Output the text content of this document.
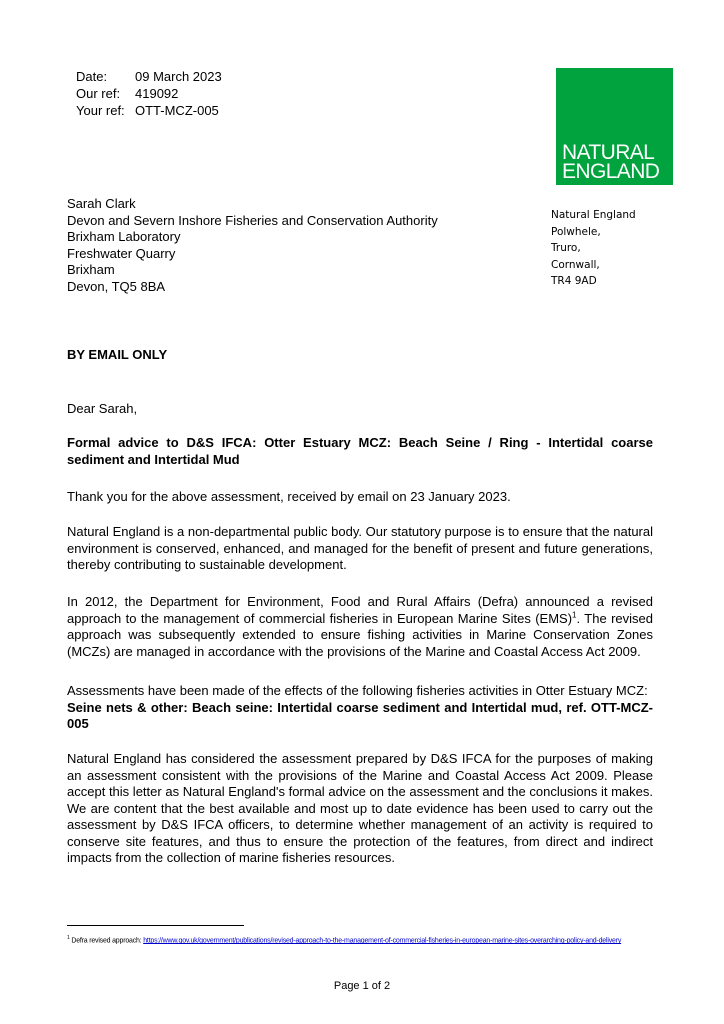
Date:	09 March 2023
Our ref:	419092
Your ref: OTT-MCZ-005
NATURAL
ENGLAND
Natural England
Polwhele,
Truro,
Cornwall,
TR4 9AD
Sarah Clark
Devon and Severn Inshore Fisheries and Conservation Authority
Brixham Laboratory
Freshwater Quarry
Brixham
Devon, TQ5 8BA
BY EMAIL ONLY
Dear Sarah,

Formal advice to D&S IFCA: Otter Estuary MCZ: Beach Seine / Ring - Intertidal coarse sediment and Intertidal Mud

Thank you for the above assessment, received by email on 23 January 2023.

Natural England is a non-departmental public body. Our statutory purpose is to ensure that the natural environment is conserved, enhanced, and managed for the benefit of present and future generations, thereby contributing to sustainable development.

In 2012, the Department for Environment, Food and Rural Affairs (Defra) announced a revised approach to the management of commercial fisheries in European Marine Sites (EMS)$^1$. The revised approach was subsequently extended to ensure fishing activities in Marine Conservation Zones (MCZs) are managed in accordance with the provisions of the Marine and Coastal Access Act 2009.

Assessments have been made of the effects of the following fisheries activities in Otter Estuary MCZ:
Seine nets & other: Beach seine: Intertidal coarse sediment and Intertidal mud, ref. OTT-MCZ-005

Natural England has considered the assessment prepared by D&S IFCA for the purposes of making an assessment consistent with the provisions of the Marine and Coastal Access Act 2009. Please accept this letter as Natural England's formal advice on the assessment and the conclusions it makes. We are content that the best available and most up to date evidence has been used to carry out the assessment by D&S IFCA officers, to determine whether management of an activity is required to conserve site features, and thus to ensure the protection of the features, from direct and indirect impacts from the collection of marine fisheries resources.

$^1$ Defra revised approach: https://www.gov.uk/government/publications/revised-approach-to-the-management-of-commercial-fisheries-in-european-marine-sites-overarching-policy-and-delivery
Page 1 of 2
